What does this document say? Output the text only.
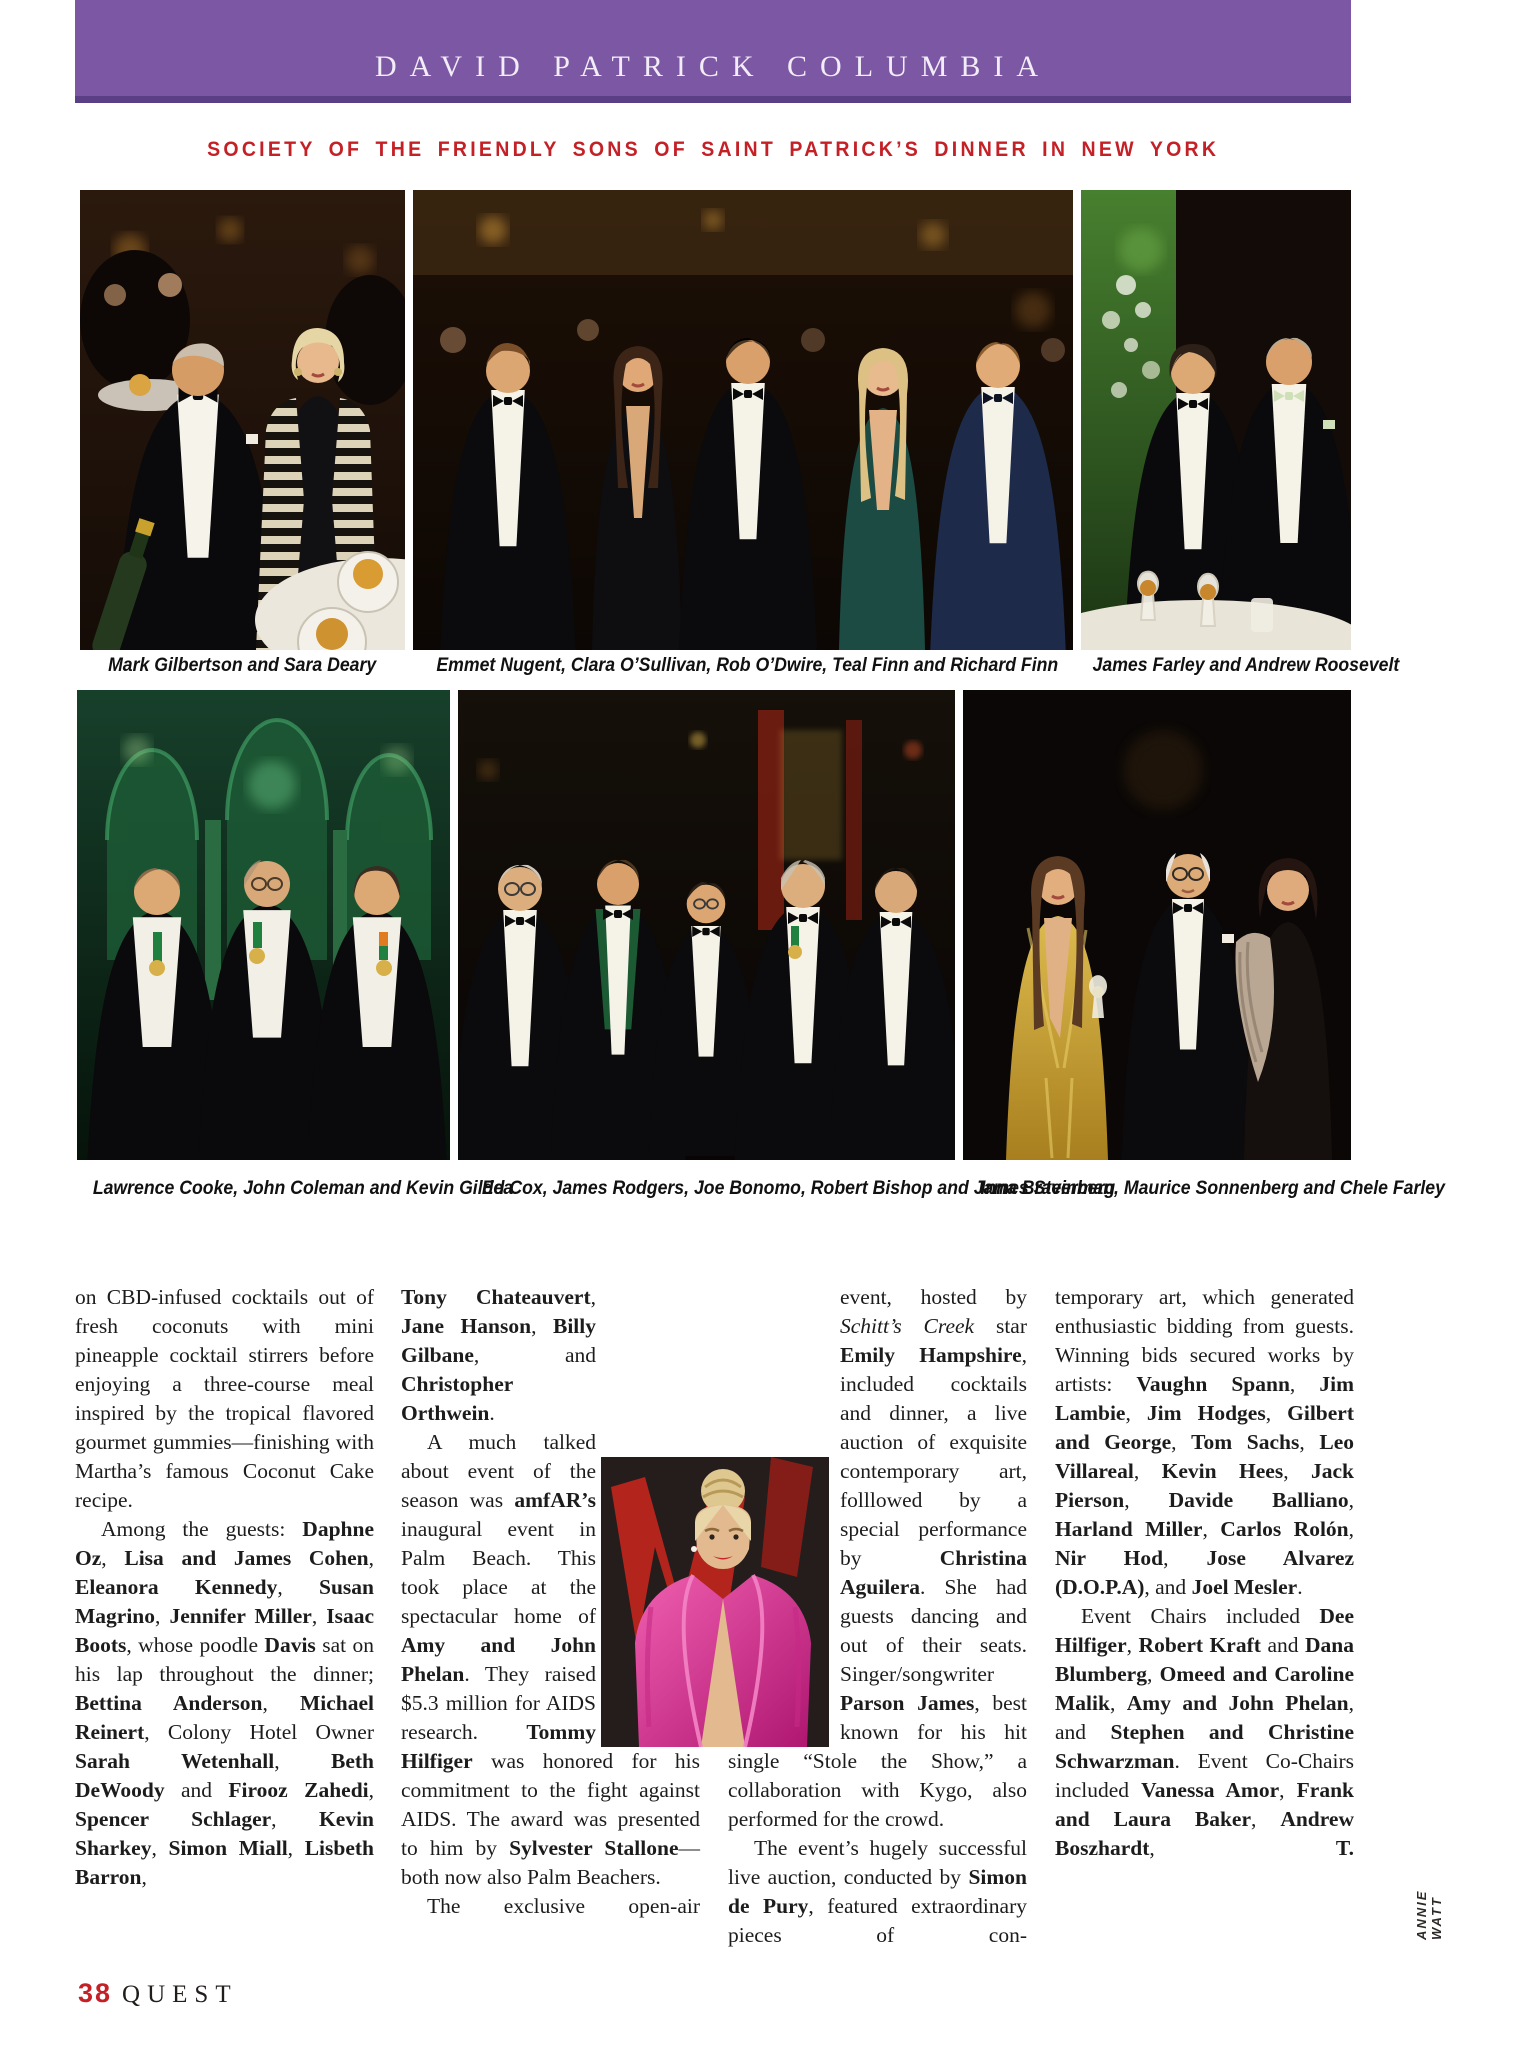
DAVID PATRICK COLUMBIA
SOCIETY OF THE FRIENDLY SONS OF SAINT PATRICK’S DINNER IN NEW YORK
Mark Gilbertson and Sara Deary	Emmet Nugent, Clara O’Sullivan, Rob O’Dwire, Teal Finn and Richard Finn	James Farley and Andrew Roosevelt
Lawrence Cooke, John Coleman and Kevin Gildea
Ed Cox, James Rodgers, Joe Bonomo, Robert Bishop and James Steinberg
Inna Braverman, Maurice Sonnenberg and Chele Farley

on CBD-infused cocktails out of fresh coconuts with mini pineapple cocktail stirrers before enjoying a three-course meal inspired by the tropical flavored gourmet gummies—finishing with Martha’s famous Coconut Cake recipe.

Among the guests: Daphne Oz, Lisa and James Cohen, Eleanora Kennedy, Susan Magrino, Jennifer Miller, Isaac Boots, whose poodle Davis sat on his lap throughout the dinner; Bettina Anderson, Michael Reinert, Colony Hotel Owner Sarah Wetenhall, Beth DeWoody and Firooz Zahedi, Spencer Schlager, Kevin Sharkey, Simon Miall, Lisbeth Barron,

Tony Chateauvert, Jane Hanson, Billy Gilbane, and Christopher Orthwein.

A much talked about event of the season was amfAR’s inaugural event in Palm Beach. This took place at the spectacular home of Amy and John Phelan. They raised $5.3 million for AIDS research. Tommy Hilfiger was honored for his commitment to the fight against AIDS. The award was presented to him by Sylvester Stallone—both now also Palm Beachers.

The exclusive open-air

event, hosted by Schitt’s Creek star Emily Hampshire, included cocktails and dinner, a live auction of exquisite contemporary art, folllowed by a special performance by Christina Aguilera. She had guests dancing and out of their seats. Singer/songwriter Parson James, best known for his hit single “Stole the Show,” a collaboration with Kygo, also performed for the crowd.

The event’s hugely successful live auction, conducted by Simon de Pury, featured extraordinary pieces of con-

temporary art, which generated enthusiastic bidding from guests. Winning bids secured works by artists: Vaughn Spann, Jim Lambie, Jim Hodges, Gilbert and George, Tom Sachs, Leo Villareal, Kevin Hees, Jack Pierson, Davide Balliano, Harland Miller, Carlos Rolón, Nir Hod, Jose Alvarez (D.O.P.A), and Joel Mesler.

Event Chairs included Dee Hilfiger, Robert Kraft and Dana Blumberg, Omeed and Caroline Malik, Amy and John Phelan, and Stephen and Christine Schwarzman. Event Co-Chairs included Vanessa Amor, Frank and Laura Baker, Andrew Boszhardt, T.

38 QUEST
ANNIE WATT
